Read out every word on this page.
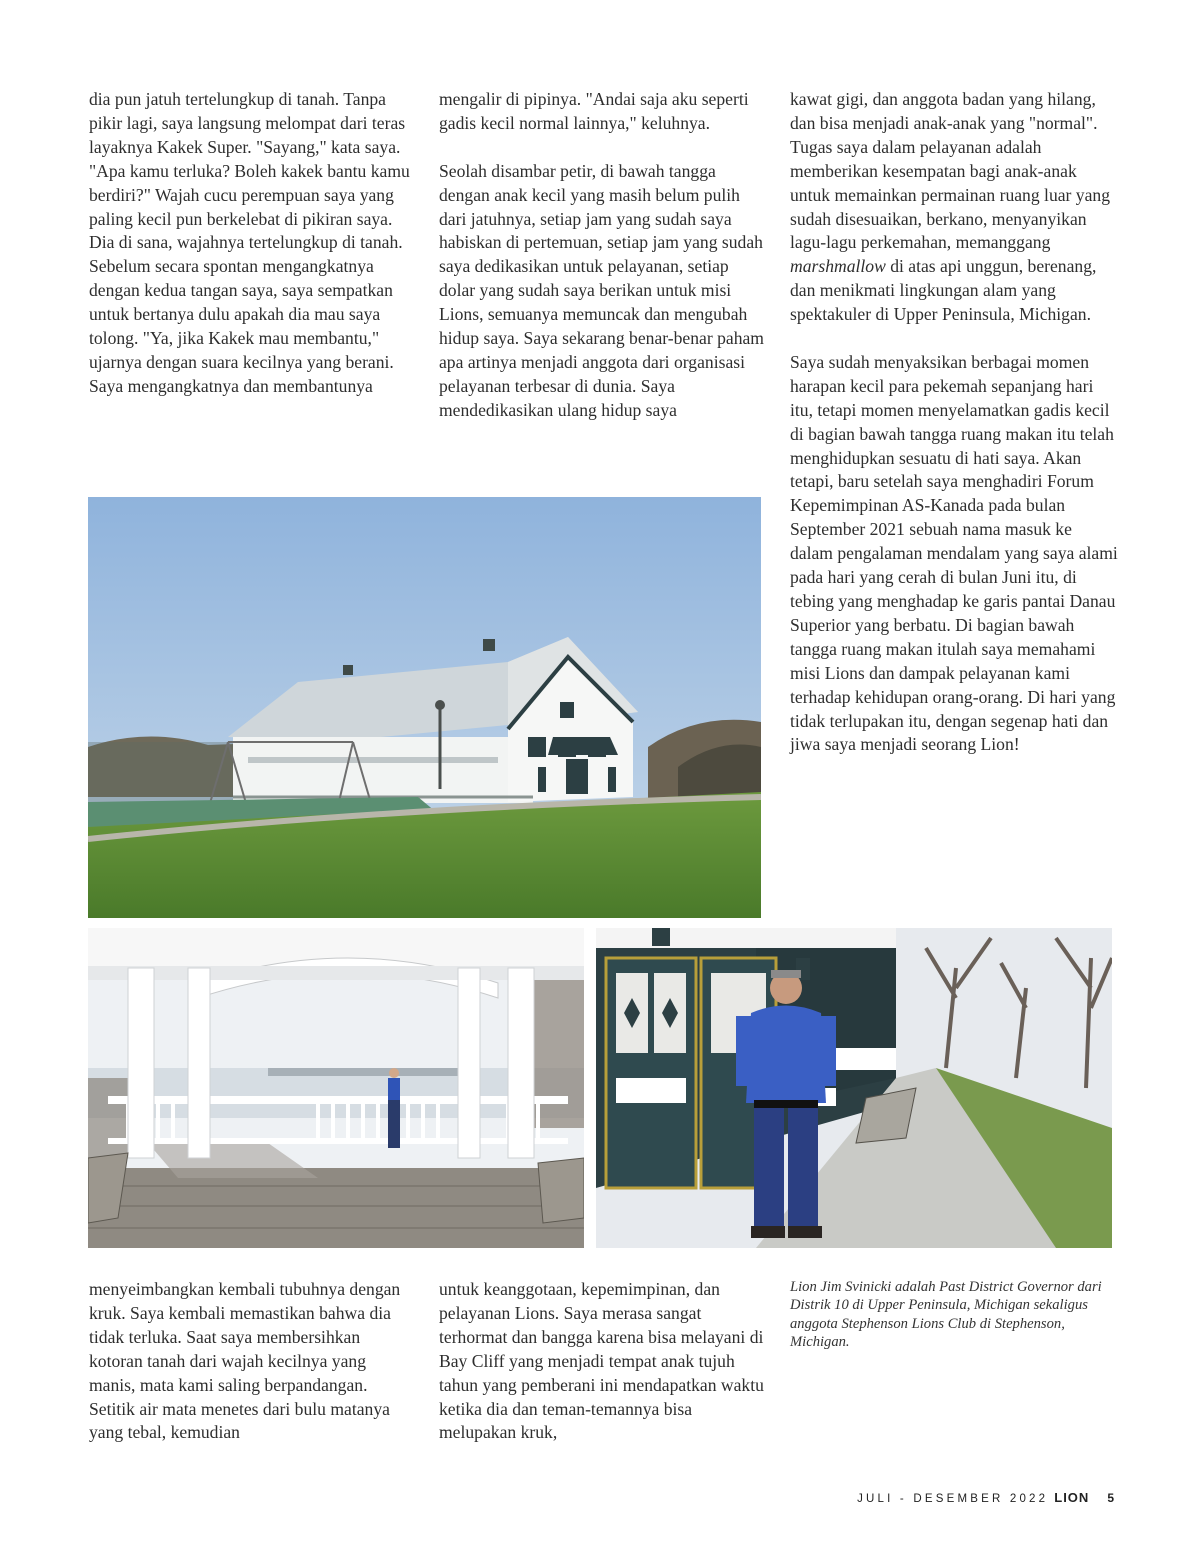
dia pun jatuh tertelungkup di tanah. Tanpa pikir lagi, saya langsung melompat dari teras layaknya Kakek Super. "Sayang," kata saya. "Apa kamu terluka? Boleh kakek bantu kamu berdiri?" Wajah cucu perempuan saya yang paling kecil pun berkelebat di pikiran saya. Dia di sana, wajahnya tertelungkup di tanah. Sebelum secara spontan mengangkatnya dengan kedua tangan saya, saya sempatkan untuk bertanya dulu apakah dia mau saya tolong. "Ya, jika Kakek mau membantu," ujarnya dengan suara kecilnya yang berani. Saya mengangkatnya dan membantunya

mengalir di pipinya. "Andai saja aku seperti gadis kecil normal lainnya," keluhnya.

Seolah disambar petir, di bawah tangga dengan anak kecil yang masih belum pulih dari jatuhnya, setiap jam yang sudah saya habiskan di pertemuan, setiap jam yang sudah saya dedikasikan untuk pelayanan, setiap dolar yang sudah saya berikan untuk misi Lions, semuanya memuncak dan mengubah hidup saya. Saya sekarang benar-benar paham apa artinya menjadi anggota dari organisasi pelayanan terbesar di dunia. Saya mendedikasikan ulang hidup saya

kawat gigi, dan anggota badan yang hilang, dan bisa menjadi anak-anak yang "normal". Tugas saya dalam pelayanan adalah memberikan kesempatan bagi anak-anak untuk memainkan permainan ruang luar yang sudah disesuaikan, berkano, menyanyikan lagu-lagu perkemahan, memanggang marshmallow di atas api unggun, berenang, dan menikmati lingkungan alam yang spektakuler di Upper Peninsula, Michigan.

Saya sudah menyaksikan berbagai momen harapan kecil para pekemah sepanjang hari itu, tetapi momen menyelamatkan gadis kecil di bagian bawah tangga ruang makan itu telah menghidupkan sesuatu di hati saya. Akan tetapi, baru setelah saya menghadiri Forum Kepemimpinan AS-Kanada pada bulan September 2021 sebuah nama masuk ke dalam pengalaman mendalam yang saya alami pada hari yang cerah di bulan Juni itu, di tebing yang menghadap ke garis pantai Danau Superior yang berbatu. Di bagian bawah tangga ruang makan itulah saya memahami misi Lions dan dampak pelayanan kami terhadap kehidupan orang-orang. Di hari yang tidak terlupakan itu, dengan segenap hati dan jiwa saya menjadi seorang Lion!

menyeimbangkan kembali tubuhnya dengan kruk. Saya kembali memastikan bahwa dia tidak terluka. Saat saya membersihkan kotoran tanah dari wajah kecilnya yang manis, mata kami saling berpandangan. Setitik air mata menetes dari bulu matanya yang tebal, kemudian

untuk keanggotaan, kepemimpinan, dan pelayanan Lions. Saya merasa sangat terhormat dan bangga karena bisa melayani di Bay Cliff yang menjadi tempat anak tujuh tahun yang pemberani ini mendapatkan waktu ketika dia dan teman-temannya bisa melupakan kruk,

Lion Jim Svinicki adalah Past District Governor dari Distrik 10 di Upper Peninsula, Michigan sekaligus anggota Stephenson Lions Club di Stephenson, Michigan.
JULI - DESEMBER 2022 LION 5
